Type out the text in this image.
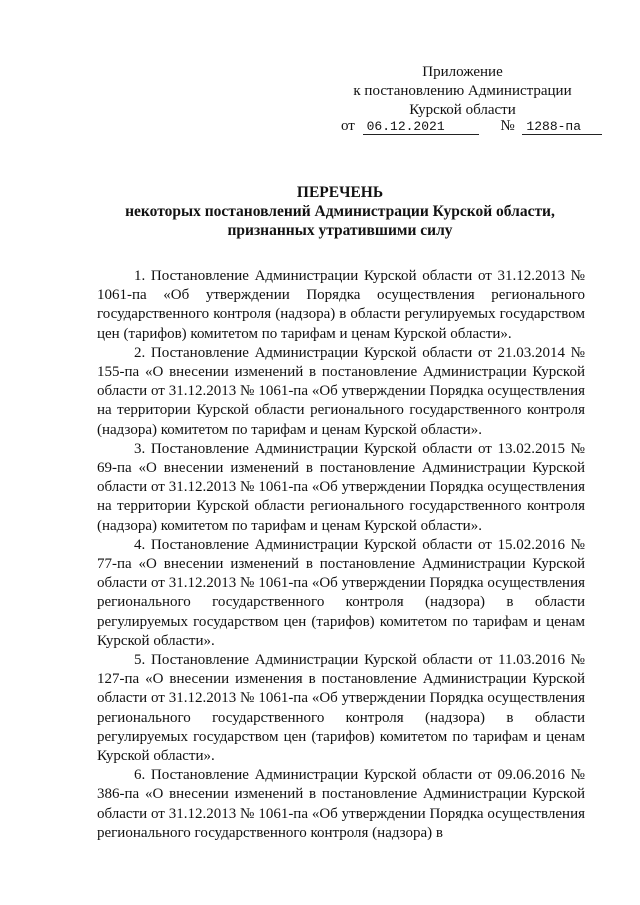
Приложение
к постановлению Администрации
Курской области
от 06.12.2021	№ 1288-па
ПЕРЕЧЕНЬ
некоторых постановлений Администрации Курской области,
признанных утратившими силу

1. Постановление Администрации Курской области от 31.12.2013 № 1061-па «Об утверждении Порядка осуществления регионального государственного контроля (надзора) в области регулируемых государством цен (тарифов) комитетом по тарифам и ценам Курской области».

2. Постановление Администрации Курской области от 21.03.2014 № 155-па «О внесении изменений в постановление Администрации Курской области от 31.12.2013 № 1061-па «Об утверждении Порядка осуществления на территории Курской области регионального государственного контроля (надзора) комитетом по тарифам и ценам Курской области».

3. Постановление Администрации Курской области от 13.02.2015 № 69-па «О внесении изменений в постановление Администрации Курской области от 31.12.2013 № 1061-па «Об утверждении Порядка осуществления на территории Курской области регионального государственного контроля (надзора) комитетом по тарифам и ценам Курской области».

4. Постановление Администрации Курской области от 15.02.2016 № 77-па «О внесении изменений в постановление Администрации Курской области от 31.12.2013 № 1061-па «Об утверждении Порядка осуществления регионального государственного контроля (надзора) в области регулируемых государством цен (тарифов) комитетом по тарифам и ценам Курской области».

5. Постановление Администрации Курской области от 11.03.2016 № 127-па «О внесении изменения в постановление Администрации Курской области от 31.12.2013 № 1061-па «Об утверждении Порядка осуществления регионального государственного контроля (надзора) в области регулируемых государством цен (тарифов) комитетом по тарифам и ценам Курской области».

6. Постановление Администрации Курской области от 09.06.2016 № 386-па «О внесении изменений в постановление Администрации Курской области от 31.12.2013 № 1061-па «Об утверждении Порядка осуществления регионального государственного контроля (надзора) в
